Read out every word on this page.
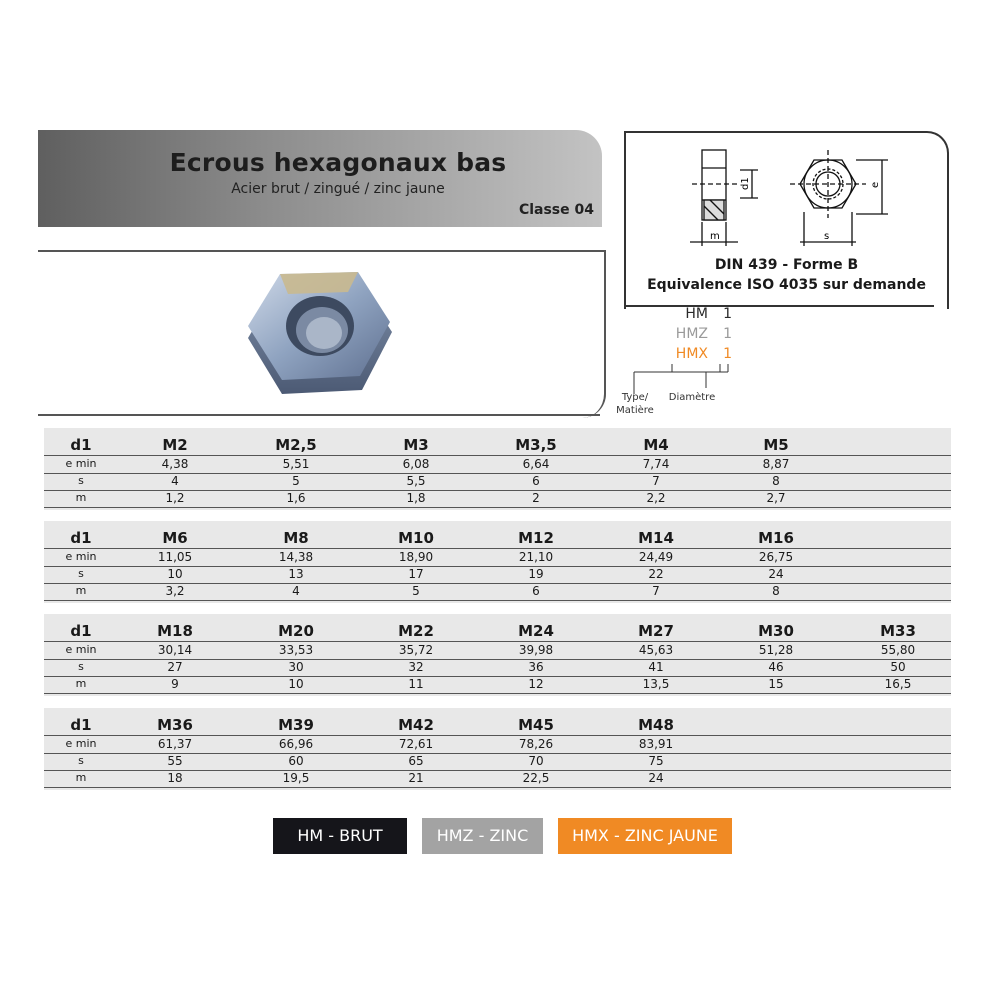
Ecrous hexagonaux bas
Acier brut / zingué / zinc jaune
Classe 04
m
d1
s
e
DIN 439 - Forme B
Equivalence ISO 4035 sur demande
HM 1
HMZ 1
HMX 1
Type/
Matière
Diamètre
d1	M2	M2,5	M3	M3,5	M4	M5
e min	4,38	5,51	6,08	6,64	7,74	8,87
s	4	5	5,5	6	7	8
m	1,2	1,6	1,8	2	2,2	2,7
d1	M6	M8	M10	M12	M14	M16
e min	11,05	14,38	18,90	21,10	24,49	26,75
s	10	13	17	19	22	24
m	3,2	4	5	6	7	8
d1	M18	M20	M22	M24	M27	M30	M33
e min	30,14	33,53	35,72	39,98	45,63	51,28	55,80
s	27	30	32	36	41	46	50
m	9	10	11	12	13,5	15	16,5
d1	M36	M39	M42	M45	M48
e min	61,37	66,96	72,61	78,26	83,91
s	55	60	65	70	75
m	18	19,5	21	22,5	24
HM - BRUT	HMZ - ZINC	HMX - ZINC JAUNE
